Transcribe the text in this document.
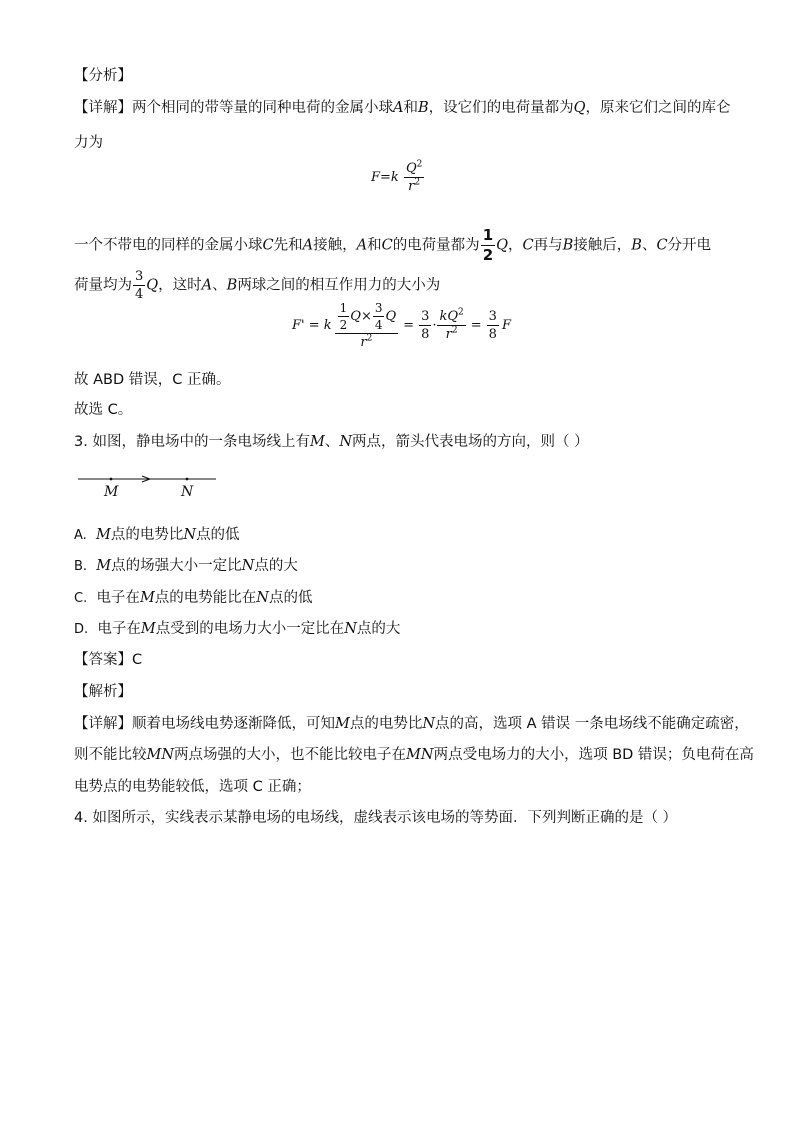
【分析】
【详解】两个相同的带等量的同种电荷的金属小球A和B，设它们的电荷量都为Q，原来它们之间的库仑
力为
$F=k \frac{Q^2}{r^2}$
一个不带电的同样的金属小球C先和A接触，A和C的电荷量都为 $\frac{1}{2}$ Q，C再与B接触后，B、C分开电
荷量均为 $\frac{3}{4}$ Q，这时A、B两球之间的相互作用力的大小为
F' = k $\frac{\frac{1}{2} Q\times \frac{3}{4} Q}{r^2} = \frac{3}{8} \cdot \frac{kQ^2}{r^2} = \frac{3}{8}$ F
故 ABD 错误，C 正确。
故选 C。
3. 如图，静电场中的一条电场线上有M、N两点，箭头代表电场的方向，则（ ）
M	N
A. M点的电势比N点的低
B. M点的场强大小一定比N点的大
C. 电子在M点的电势能比在N点的低
D. 电子在M点受到的电场力大小一定比在N点的大
【答案】C
【解析】
【详解】顺着电场线电势逐渐降低，可知M点的电势比N点的高，选项 A 错误 一条电场线不能确定疏密，
则不能比较MN两点场强的大小，也不能比较电子在MN两点受电场力的大小，选项 BD 错误；负电荷在高
电势点的电势能较低，选项 C 正确；
4. 如图所示，实线表示某静电场的电场线，虚线表示该电场的等势面．下列判断正确的是（ ）
